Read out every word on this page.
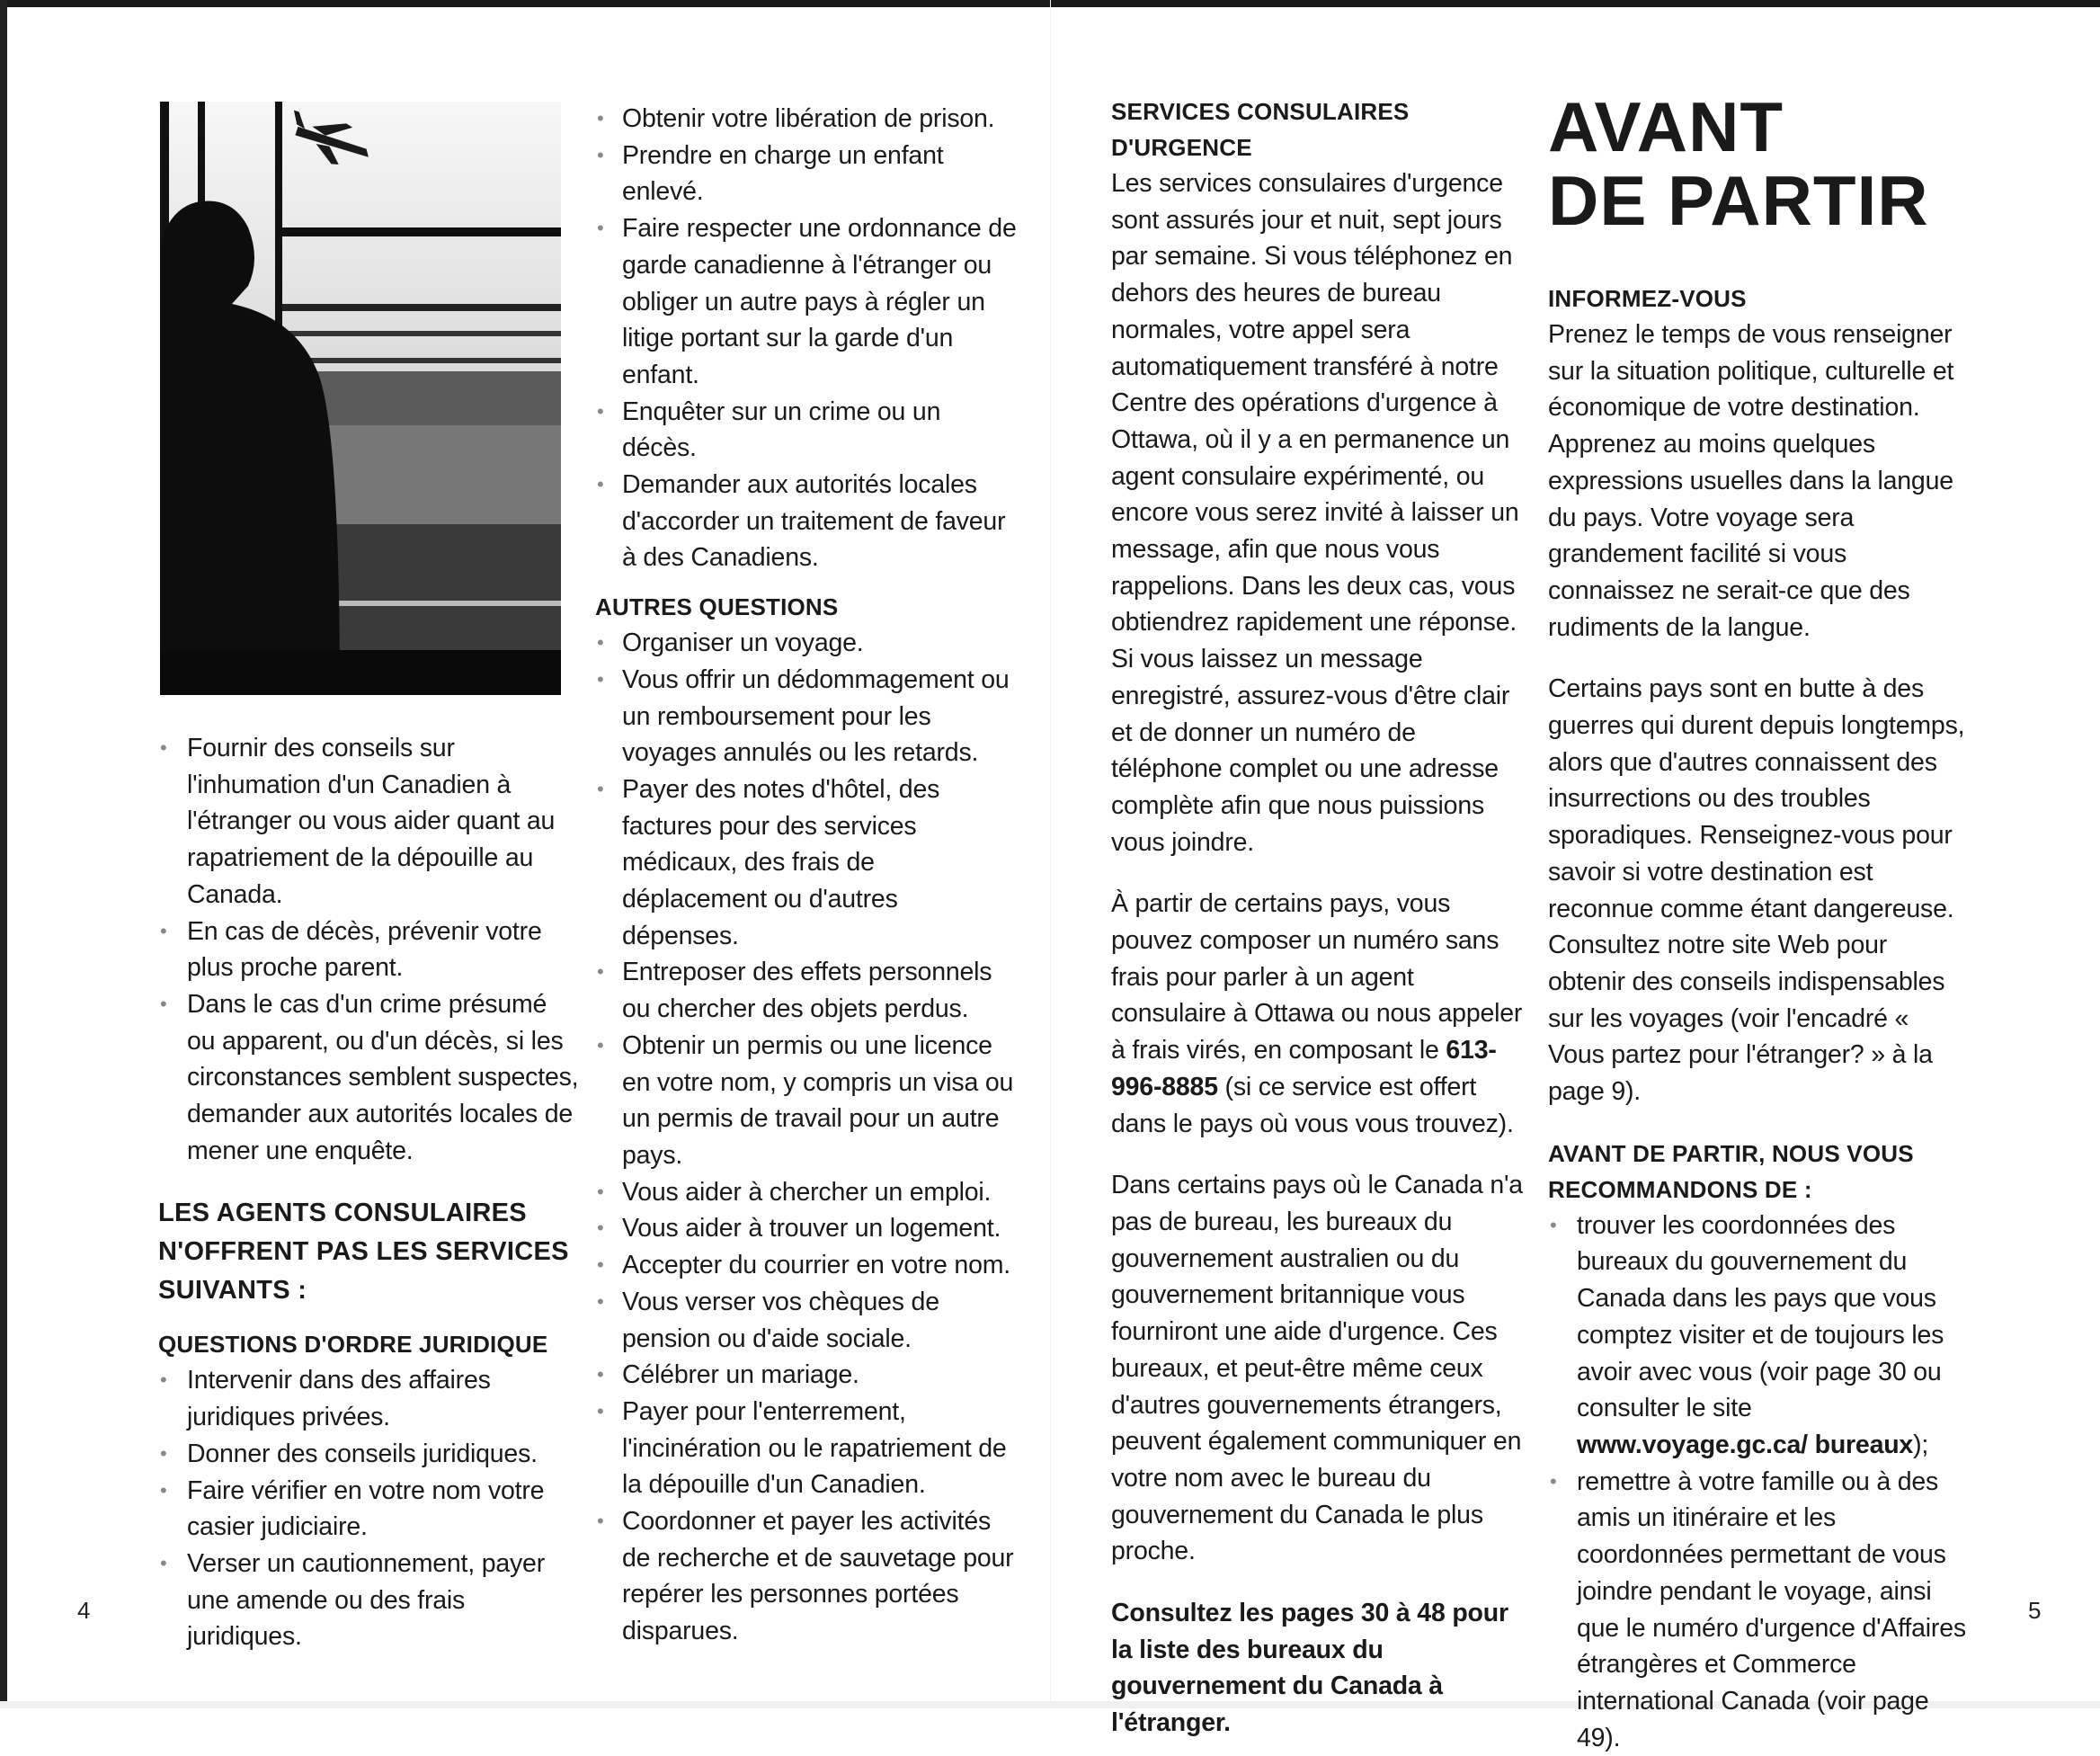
• Fournir des conseils sur l'inhumation d'un Canadien à l'étranger ou vous aider quant au rapatriement de la dépouille au Canada.
• En cas de décès, prévenir votre plus proche parent.
• Dans le cas d'un crime présumé ou apparent, ou d'un décès, si les circonstances semblent suspectes, demander aux autorités locales de mener une enquête.
LES AGENTS CONSULAIRES N'OFFRENT PAS LES SERVICES SUIVANTS :
QUESTIONS D'ORDRE JURIDIQUE
• Intervenir dans des affaires juridiques privées.
• Donner des conseils juridiques.
• Faire vérifier en votre nom votre casier judiciaire.
• Verser un cautionnement, payer une amende ou des frais juridiques.
4
• Obtenir votre libération de prison.
• Prendre en charge un enfant enlevé.
• Faire respecter une ordonnance de garde canadienne à l'étranger ou obliger un autre pays à régler un litige portant sur la garde d'un enfant.
• Enquêter sur un crime ou un décès.
• Demander aux autorités locales d'accorder un traitement de faveur à des Canadiens.
AUTRES QUESTIONS
• Organiser un voyage.
• Vous offrir un dédommagement ou un remboursement pour les voyages annulés ou les retards.
• Payer des notes d'hôtel, des factures pour des services médicaux, des frais de déplacement ou d'autres dépenses.
• Entreposer des effets personnels ou chercher des objets perdus.
• Obtenir un permis ou une licence en votre nom, y compris un visa ou un permis de travail pour un autre pays.
• Vous aider à chercher un emploi.
• Vous aider à trouver un logement.
• Accepter du courrier en votre nom.
• Vous verser vos chèques de pension ou d'aide sociale.
• Célébrer un mariage.
• Payer pour l'enterrement, l'incinération ou le rapatriement de la dépouille d'un Canadien.
• Coordonner et payer les activités de recherche et de sauvetage pour repérer les personnes portées disparues.
SERVICES CONSULAIRES D'URGENCE

Les services consulaires d'urgence sont assurés jour et nuit, sept jours par semaine. Si vous téléphonez en dehors des heures de bureau normales, votre appel sera automatiquement transféré à notre Centre des opérations d'urgence à Ottawa, où il y a en permanence un agent consulaire expérimenté, ou encore vous serez invité à laisser un message, afin que nous vous rappelions. Dans les deux cas, vous obtiendrez rapidement une réponse. Si vous laissez un message enregistré, assurez-vous d'être clair et de donner un numéro de téléphone complet ou une adresse complète afin que nous puissions vous joindre.

À partir de certains pays, vous pouvez composer un numéro sans frais pour parler à un agent consulaire à Ottawa ou nous appeler à frais virés, en composant le 613-996-8885 (si ce service est offert dans le pays où vous vous trouvez).

Dans certains pays où le Canada n'a pas de bureau, les bureaux du gouvernement australien ou du gouvernement britannique vous fourniront une aide d'urgence. Ces bureaux, et peut-être même ceux d'autres gouvernements étrangers, peuvent également communiquer en votre nom avec le bureau du gouvernement du Canada le plus proche.

Consultez les pages 30 à 48 pour la liste des bureaux du gouvernement du Canada à l'étranger.

AVANT
DE PARTIR
INFORMEZ-VOUS

Prenez le temps de vous renseigner sur la situation politique, culturelle et économique de votre destination. Apprenez au moins quelques expressions usuelles dans la langue du pays. Votre voyage sera grandement facilité si vous connaissez ne serait-ce que des rudiments de la langue.

Certains pays sont en butte à des guerres qui durent depuis longtemps, alors que d'autres connaissent des insurrections ou des troubles sporadiques. Renseignez-vous pour savoir si votre destination est reconnue comme étant dangereuse. Consultez notre site Web pour obtenir des conseils indispensables sur les voyages (voir l'encadré « Vous partez pour l'étranger? » à la page 9).

AVANT DE PARTIR, NOUS VOUS RECOMMANDONS DE :
• trouver les coordonnées des bureaux du gouvernement du Canada dans les pays que vous comptez visiter et de toujours les avoir avec vous (voir page 30 ou consulter le site www.voyage.gc.ca/ bureaux);
• remettre à votre famille ou à des amis un itinéraire et les coordonnées permettant de vous joindre pendant le voyage, ainsi que le numéro d'urgence d'Affaires étrangères et Commerce international Canada (voir page 49).
5
